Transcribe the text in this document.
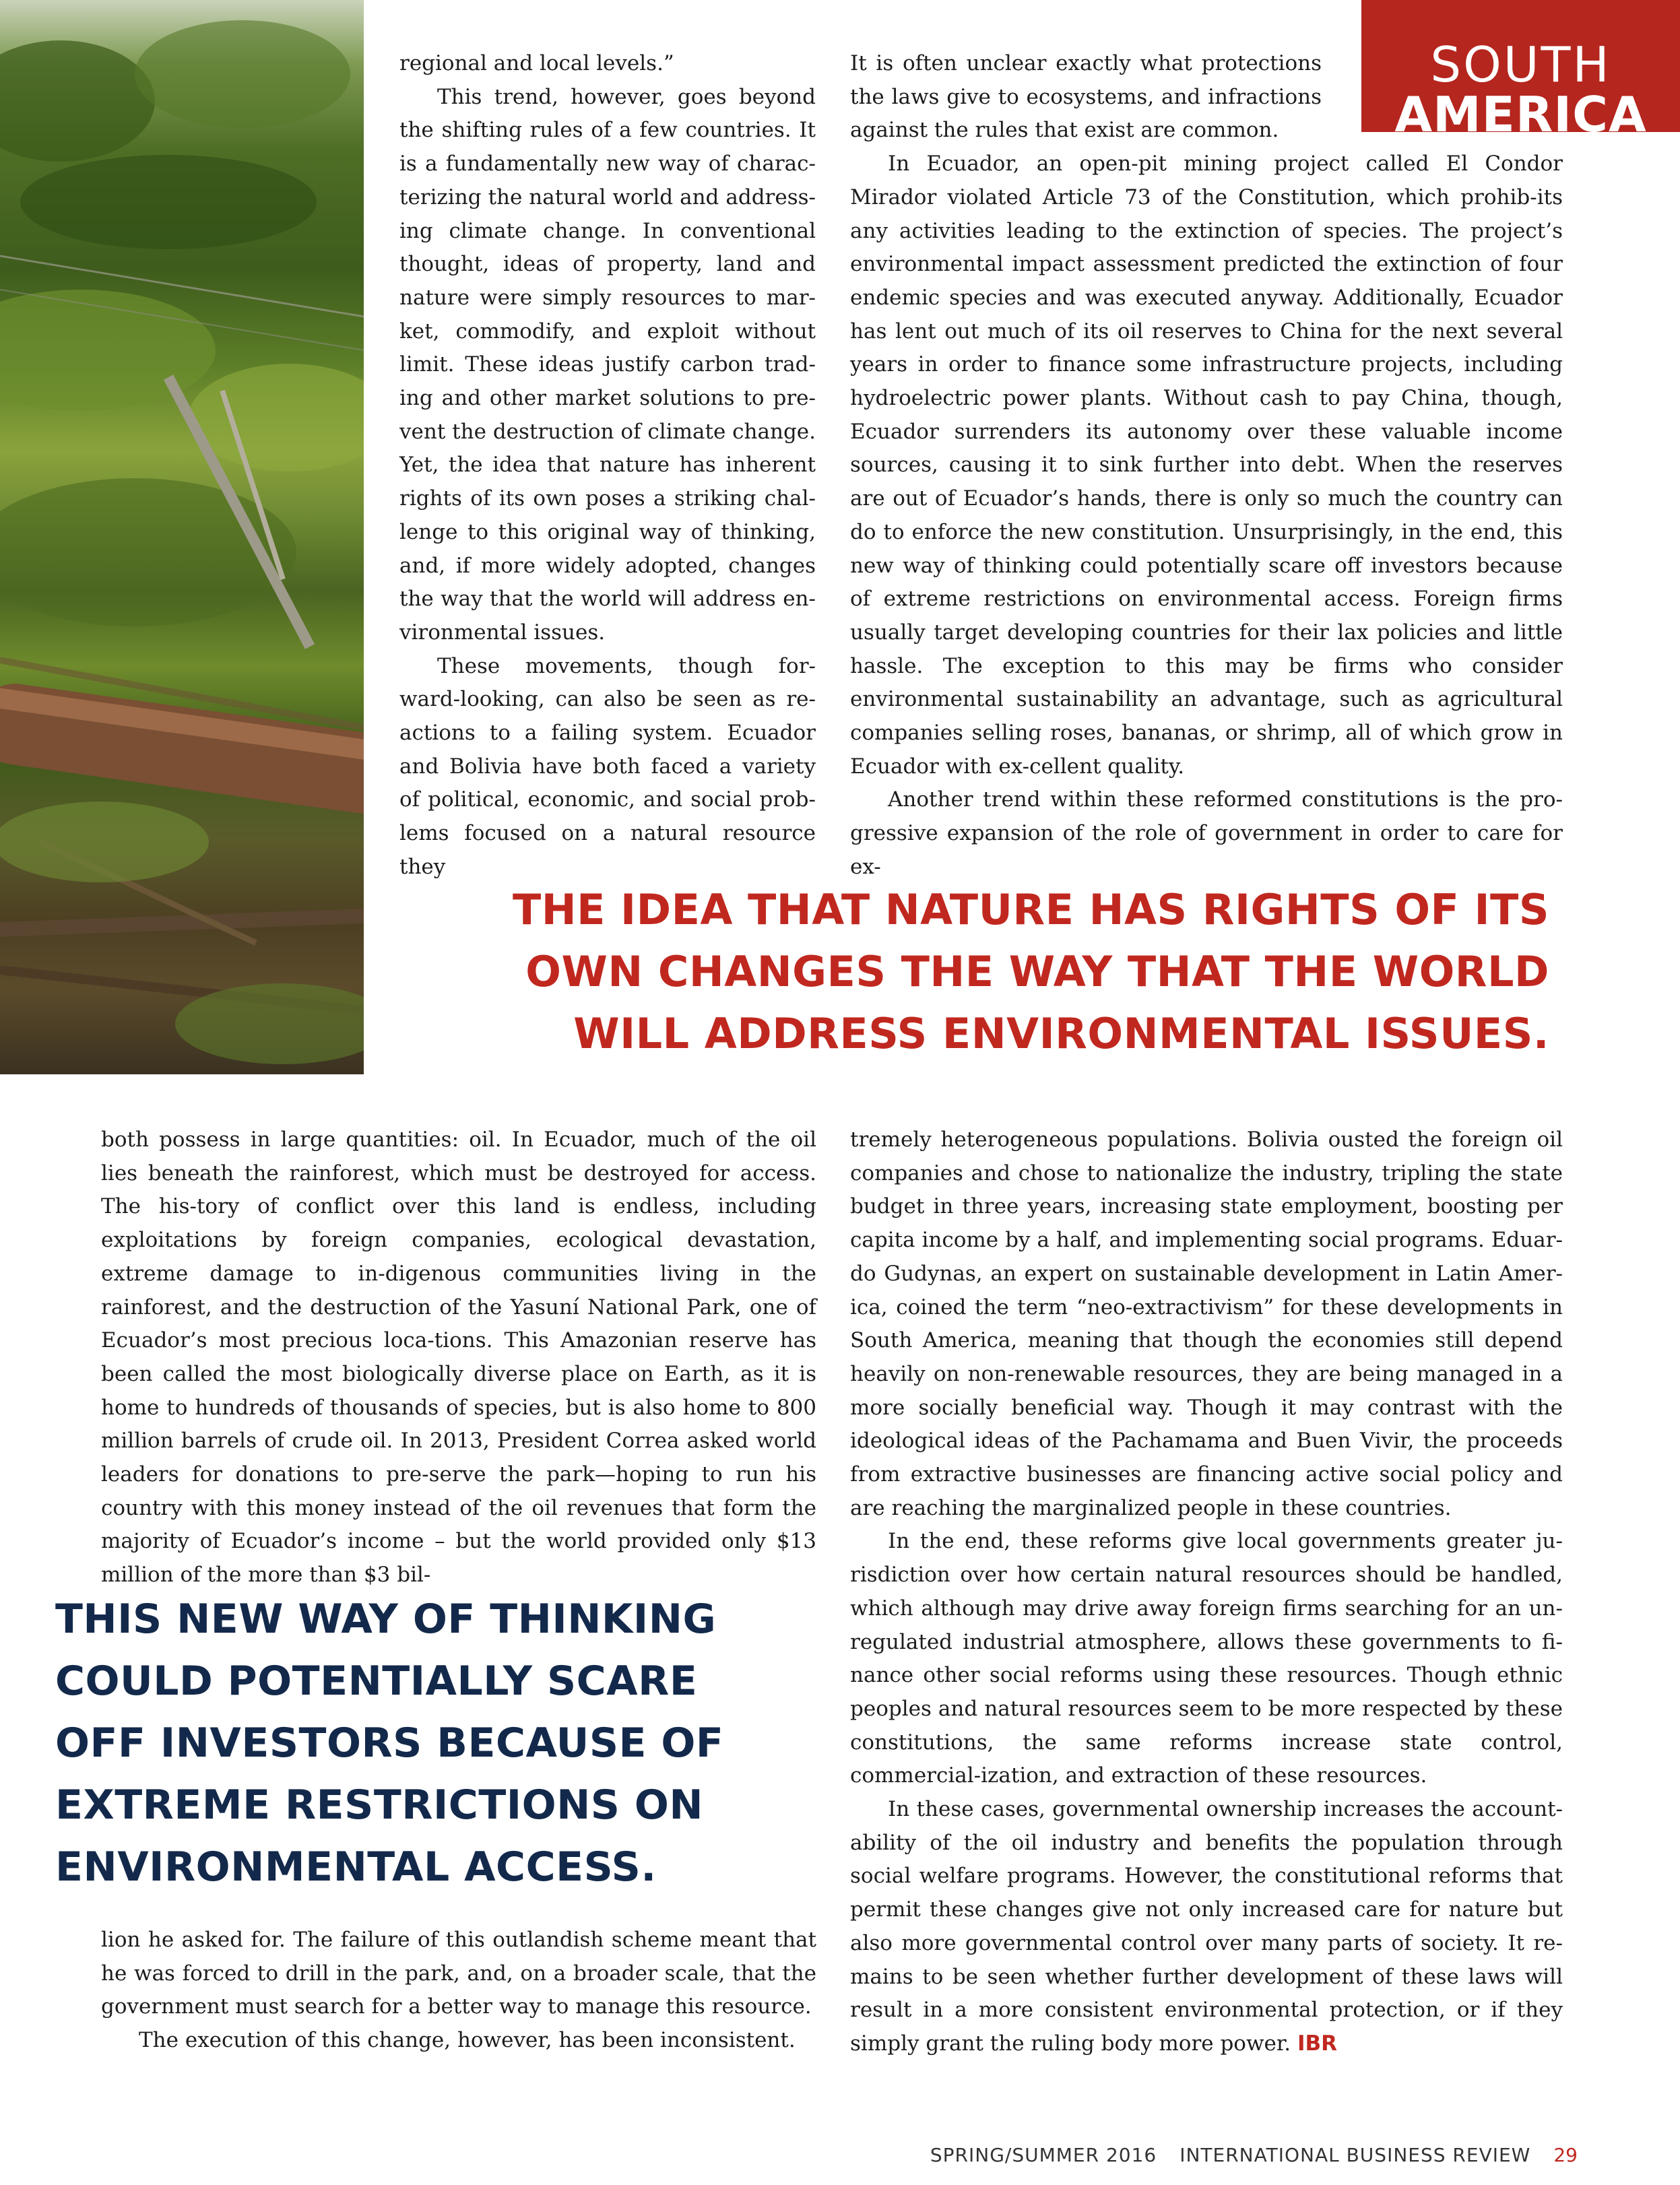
SOUTH
AMERICA

regional and local levels.”

This trend, however, goes beyond the shifting rules of a few countries. It is a fundamentally new way of charac-terizing the natural world and address-ing climate change. In conventional thought, ideas of property, land and nature were simply resources to mar-ket, commodify, and exploit without limit. These ideas justify carbon trad-ing and other market solutions to pre-vent the destruction of climate change. Yet, the idea that nature has inherent rights of its own poses a striking chal-lenge to this original way of thinking, and, if more widely adopted, changes the way that the world will address en-vironmental issues.

These movements, though for-ward-looking, can also be seen as re-actions to a failing system. Ecuador and Bolivia have both faced a variety of political, economic, and social prob-lems focused on a natural resource they

It is often unclear exactly what protections the laws give to ecosystems, and infractions against the rules that exist are common.

In Ecuador, an open-pit mining project called El Condor Mirador violated Article 73 of the Constitution, which prohib-its any activities leading to the extinction of species. The project’s environmental impact assessment predicted the extinction of four endemic species and was executed anyway. Additionally, Ecuador has lent out much of its oil reserves to China for the next several years in order to finance some infrastructure projects, including hydroelectric power plants. Without cash to pay China, though, Ecuador surrenders its autonomy over these valuable income sources, causing it to sink further into debt. When the reserves are out of Ecuador’s hands, there is only so much the country can do to enforce the new constitution. Unsurprisingly, in the end, this new way of thinking could potentially scare off investors because of extreme restrictions on environmental access. Foreign firms usually target developing countries for their lax policies and little hassle. The exception to this may be firms who consider environmental sustainability an advantage, such as agricultural companies selling roses, bananas, or shrimp, all of which grow in Ecuador with ex-cellent quality.

Another trend within these reformed constitutions is the pro-gressive expansion of the role of government in order to care for ex-

THE IDEA THAT NATURE HAS RIGHTS OF ITS
OWN CHANGES THE WAY THAT THE WORLD
WILL ADDRESS ENVIRONMENTAL ISSUES.

both possess in large quantities: oil. In Ecuador, much of the oil lies beneath the rainforest, which must be destroyed for access. The his-tory of conflict over this land is endless, including exploitations by foreign companies, ecological devastation, extreme damage to in-digenous communities living in the rainforest, and the destruction of the Yasuní National Park, one of Ecuador’s most precious loca-tions. This Amazonian reserve has been called the most biologically diverse place on Earth, as it is home to hundreds of thousands of species, but is also home to 800 million barrels of crude oil. In 2013, President Correa asked world leaders for donations to pre-serve the park—hoping to run his country with this money instead of the oil revenues that form the majority of Ecuador’s income – but the world provided only $13 million of the more than $3 bil-

THIS NEW WAY OF THINKING
COULD POTENTIALLY SCARE
OFF INVESTORS BECAUSE OF
EXTREME RESTRICTIONS ON
ENVIRONMENTAL ACCESS.

lion he asked for. The failure of this outlandish scheme meant that he was forced to drill in the park, and, on a broader scale, that the government must search for a better way to manage this resource.

The execution of this change, however, has been inconsistent.

tremely heterogeneous populations. Bolivia ousted the foreign oil companies and chose to nationalize the industry, tripling the state budget in three years, increasing state employment, boosting per capita income by a half, and implementing social programs. Eduar-do Gudynas, an expert on sustainable development in Latin Amer-ica, coined the term “neo-extractivism” for these developments in South America, meaning that though the economies still depend heavily on non-renewable resources, they are being managed in a more socially beneficial way. Though it may contrast with the ideological ideas of the Pachamama and Buen Vivir, the proceeds from extractive businesses are financing active social policy and are reaching the marginalized people in these countries.

In the end, these reforms give local governments greater ju-risdiction over how certain natural resources should be handled, which although may drive away foreign firms searching for an un-regulated industrial atmosphere, allows these governments to fi-nance other social reforms using these resources. Though ethnic peoples and natural resources seem to be more respected by these constitutions, the same reforms increase state control, commercial-ization, and extraction of these resources.

In these cases, governmental ownership increases the account-ability of the oil industry and benefits the population through social welfare programs. However, the constitutional reforms that permit these changes give not only increased care for nature but also more governmental control over many parts of society. It re-mains to be seen whether further development of these laws will result in a more consistent environmental protection, or if they simply grant the ruling body more power. IBR

SPRING/SUMMER 2016 INTERNATIONAL BUSINESS REVIEW 29
